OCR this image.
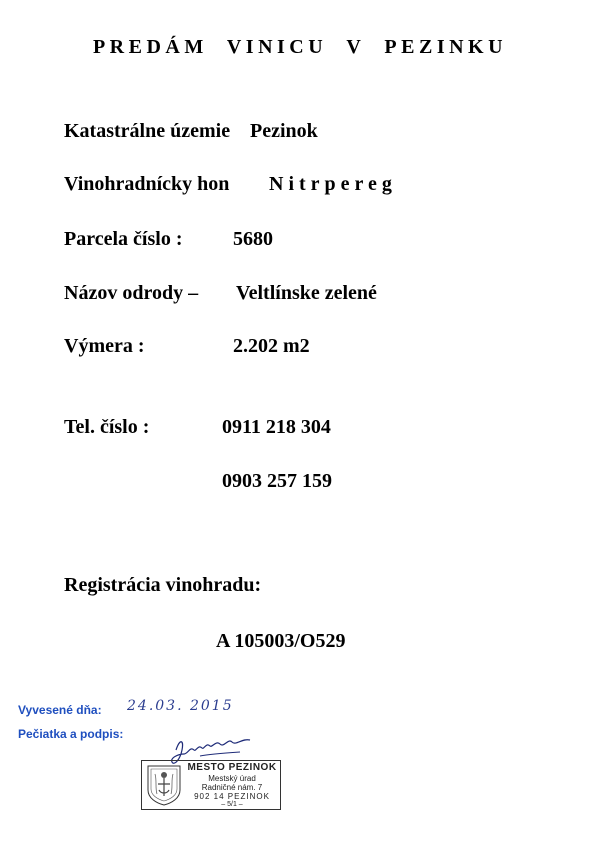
PREDÁM VINICU V PEZINKU
Katastrálne územie Pezinok
Vinohradnícky hon Nitrpereg
Parcela číslo :	5680
Názov odrody – Veltlínske zelené
Výmera :	2.202 m2
Tel. číslo :	0911 218 304
0903 257 159
Registrácia vinohradu:
A 105003/O529
Vyvesené dňa: 24.03. 2015
Pečiatka a podpis:
MESTO PEZINOK
Mestský úrad
Radničné nám. 7
902 14 PEZINOK
– 5/1 –
